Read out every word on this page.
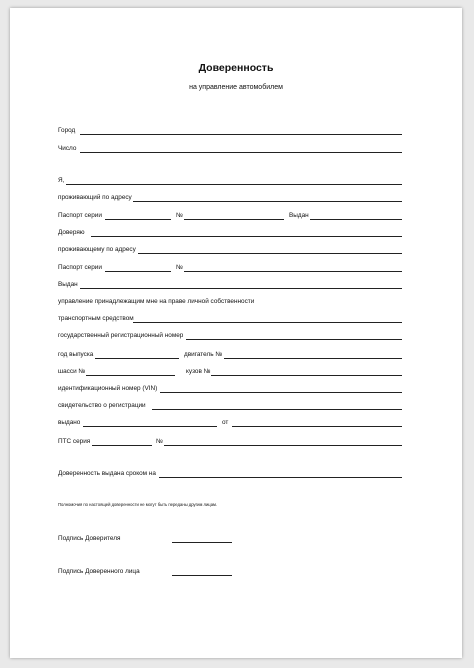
Доверенность
на управление автомобилем
Город
Число
Я,
проживающий по адресу
Паспорт серии	№	Выдан
Доверяю
проживающему по адресу
Паспорт серии	№
Выдан
управление принадлежащим мне на праве личной собственности
транспортным средством
государственный регистрационный номер
год выпуска	двигатель №
шасси №	кузов №
идентификационный номер (VIN)
свидетельство о регистрации
выдано	от
ПТС серия	№
Доверенность выдана сроком на
Полномочия по настоящей доверенности не могут быть переданы другим лицам.
Подпись Доверителя
Подпись Доверенного лица
